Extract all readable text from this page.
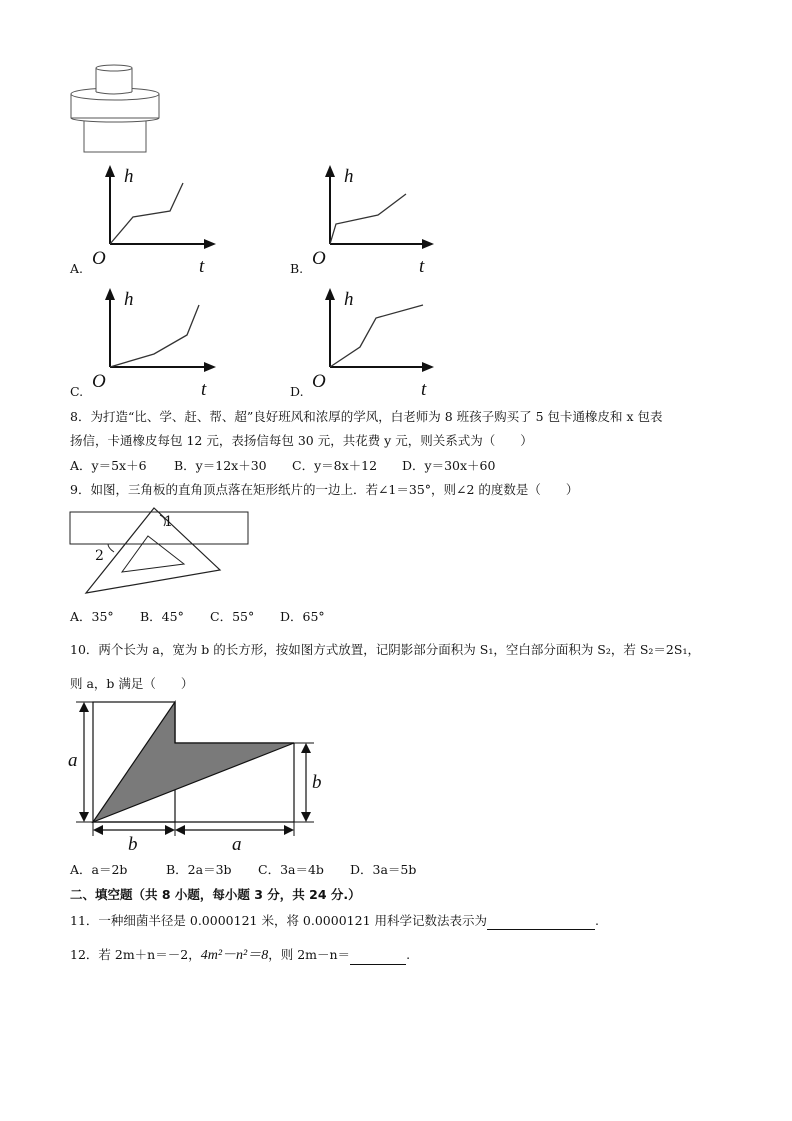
A.
h
t
O	B.
h
t
O
C.
h
t
O	D.
h
t
O
8．为打造“比、学、赶、帮、超”良好班风和浓厚的学风，白老师为 8 班孩子购买了 5 包卡通橡皮和 x 包表
扬信，卡通橡皮每包 12 元，表扬信每包 30 元，共花费 y 元，则关系式为（　　）
A．y＝5x＋6 B．y＝12x＋30 C．y＝8x＋12 D．y＝30x＋60
9．如图，三角板的直角顶点落在矩形纸片的一边上．若∠1＝35°，则∠2 的度数是（　　）
1
2
A．35° B．45° C．55° D．65°
10．两个长为 a，宽为 b 的长方形，按如图方式放置，记阴影部分面积为 S₁，空白部分面积为 S₂，若 S₂＝2S₁，
则 a，b 满足（　　）
a
b
b	a
A．a＝2b	B．2a＝3b C．3a＝4b D．3a＝5b
二、填空题（共 8 小题，每小题 3 分，共 24 分.）
11．一种细菌半径是 0.0000121 米，将 0.0000121 用科学记数法表示为	.
12．若 2m＋n＝－2，4m²－n²＝8，则 2m－n＝	.
